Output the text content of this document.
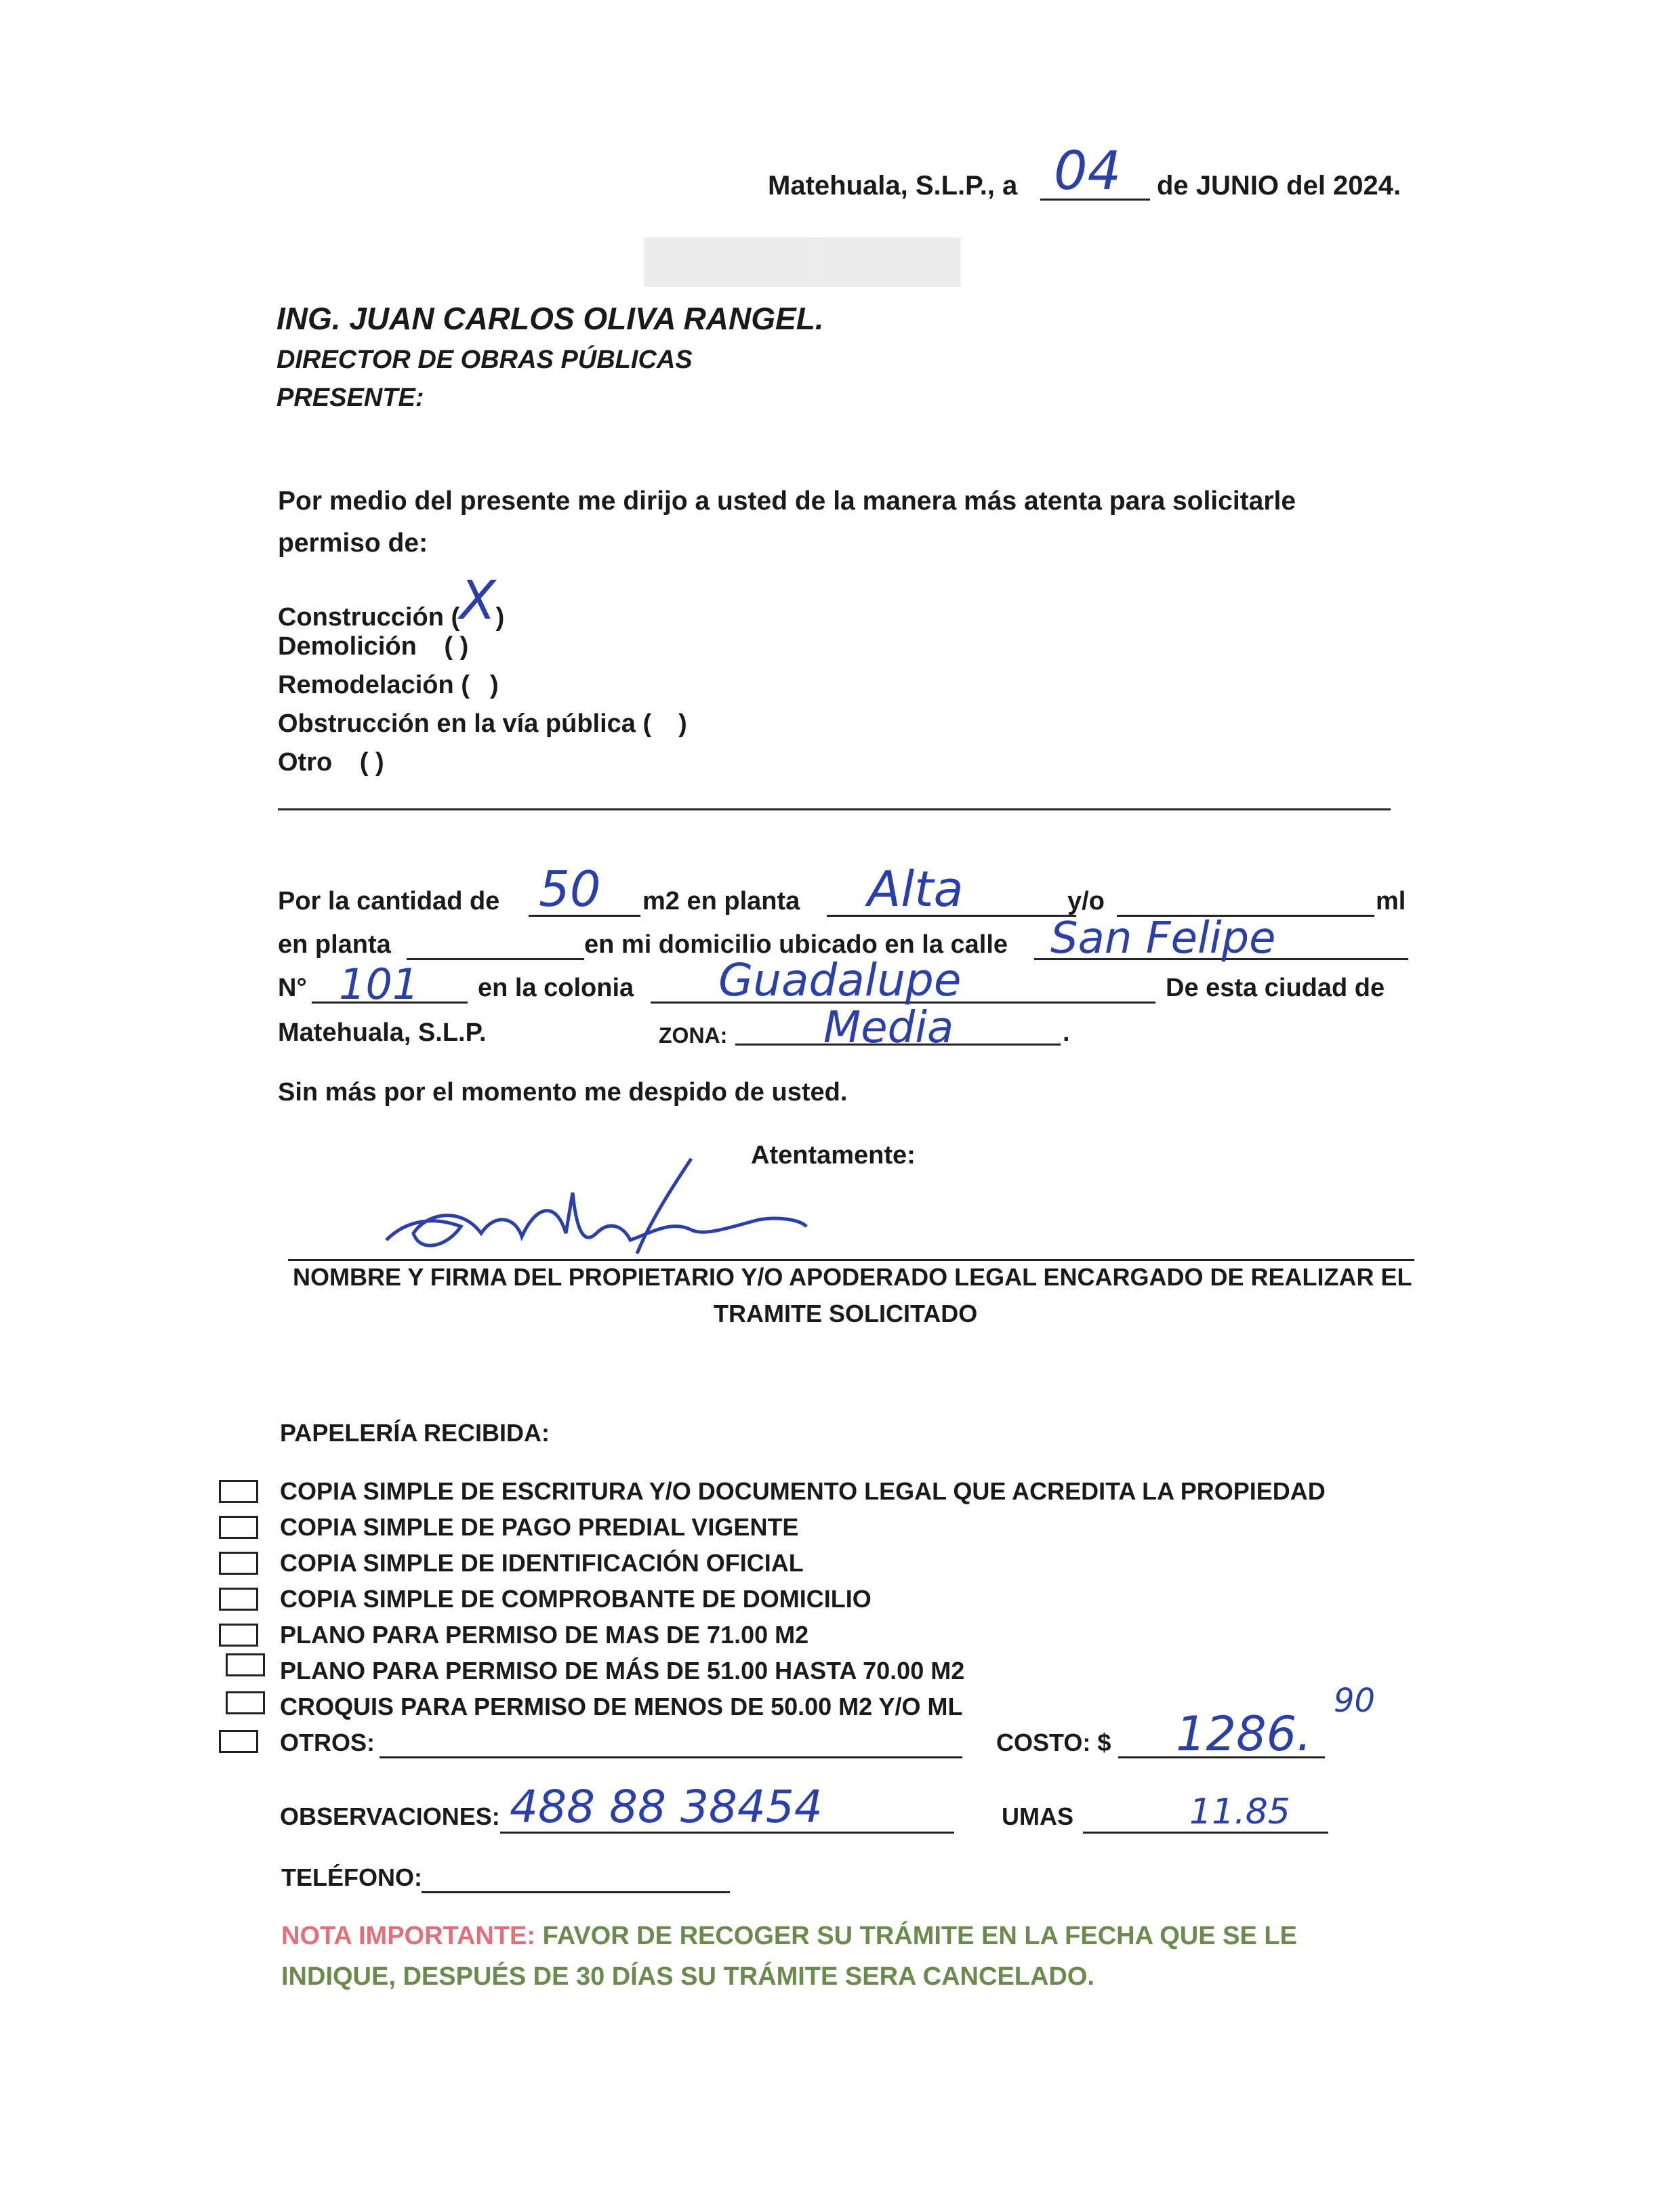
███████████
Matehuala, S.L.P., a 04 de JUNIO del 2024.
ING. JUAN CARLOS OLIVA RANGEL.
DIRECTOR DE OBRAS PÚBLICAS
PRESENTE:
Por medio del presente me dirijo a usted de la manera más atenta para solicitarle
permiso de:
Construcción (X)
Demolición ( )
Remodelación ( )
Obstrucción en la vía pública ( )
Otro ( )
Por la cantidad de 50 m2 en planta Alta	y/o	ml
en planta	en mi domicilio ubicado en la calle San Felipe
N° 101 en la colonia Guadalupe	De esta ciudad de
Matehuala, S.L.P.	ZONA: Media	.
Sin más por el momento me despido de usted.
Atentamente:
NOMBRE Y FIRMA DEL PROPIETARIO Y/O APODERADO LEGAL ENCARGADO DE REALIZAR EL
TRAMITE SOLICITADO
PAPELERÍA RECIBIDA:
COPIA SIMPLE DE ESCRITURA Y/O DOCUMENTO LEGAL QUE ACREDITA LA PROPIEDAD
COPIA SIMPLE DE PAGO PREDIAL VIGENTE
COPIA SIMPLE DE IDENTIFICACIÓN OFICIAL
COPIA SIMPLE DE COMPROBANTE DE DOMICILIO
PLANO PARA PERMISO DE MAS DE 71.00 M2
PLANO PARA PERMISO DE MÁS DE 51.00 HASTA 70.00 M2
CROQUIS PARA PERMISO DE MENOS DE 50.00 M2 Y/O ML
OTROS:	COSTO: $ 1286.
90
OBSERVACIONES: 488 88 38454	UMAS	11.85
TELÉFONO:
NOTA IMPORTANTE: FAVOR DE RECOGER SU TRÁMITE EN LA FECHA QUE SE LE
INDIQUE, DESPUÉS DE 30 DÍAS SU TRÁMITE SERA CANCELADO.
